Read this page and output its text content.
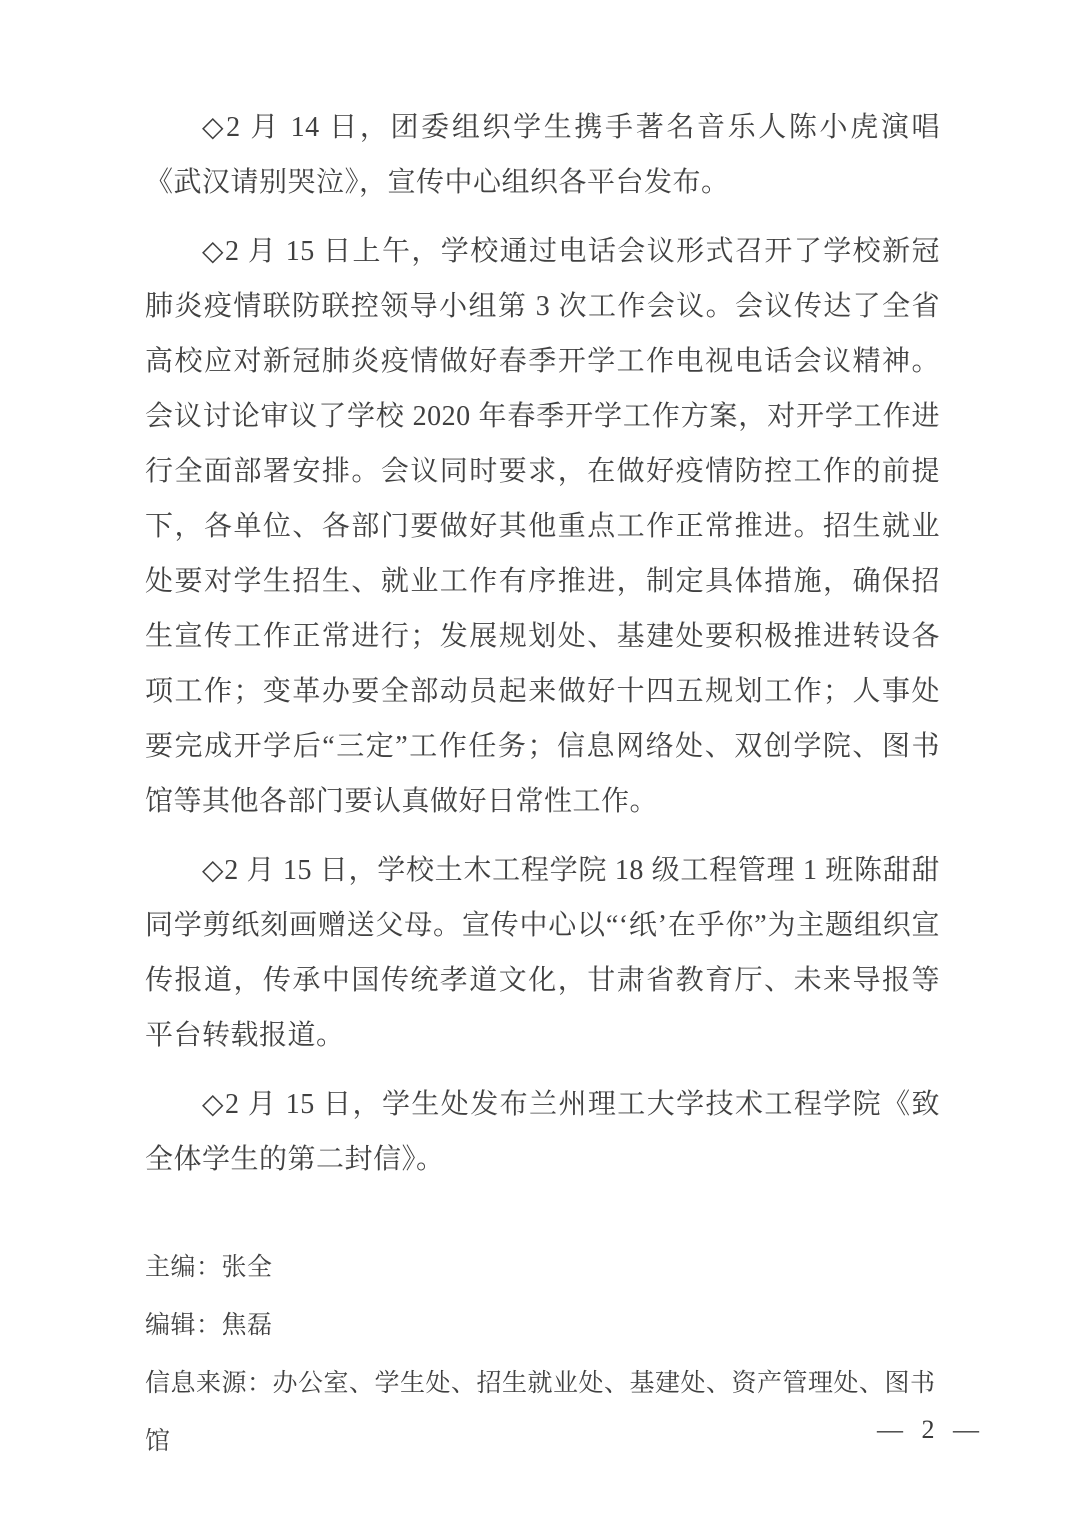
◇2 月 14 日，团委组织学生携手著名音乐人陈小虎演唱《武汉请别哭泣》，宣传中心组织各平台发布。

◇2 月 15 日上午，学校通过电话会议形式召开了学校新冠肺炎疫情联防联控领导小组第 3 次工作会议。会议传达了全省高校应对新冠肺炎疫情做好春季开学工作电视电话会议精神。会议讨论审议了学校 2020 年春季开学工作方案，对开学工作进行全面部署安排。会议同时要求，在做好疫情防控工作的前提下，各单位、各部门要做好其他重点工作正常推进。招生就业处要对学生招生、就业工作有序推进，制定具体措施，确保招生宣传工作正常进行；发展规划处、基建处要积极推进转设各项工作；变革办要全部动员起来做好十四五规划工作；人事处要完成开学后“三定”工作任务；信息网络处、双创学院、图书馆等其他各部门要认真做好日常性工作。

◇2 月 15 日，学校土木工程学院 18 级工程管理 1 班陈甜甜同学剪纸刻画赠送父母。宣传中心以“‘纸’在乎你”为主题组织宣传报道，传承中国传统孝道文化，甘肃省教育厅、未来导报等平台转载报道。

◇2 月 15 日，学生处发布兰州理工大学技术工程学院《致全体学生的第二封信》。

主编：张全

编辑：焦磊

信息来源：办公室、学生处、招生就业处、基建处、资产管理处、图书馆	— 2 —
